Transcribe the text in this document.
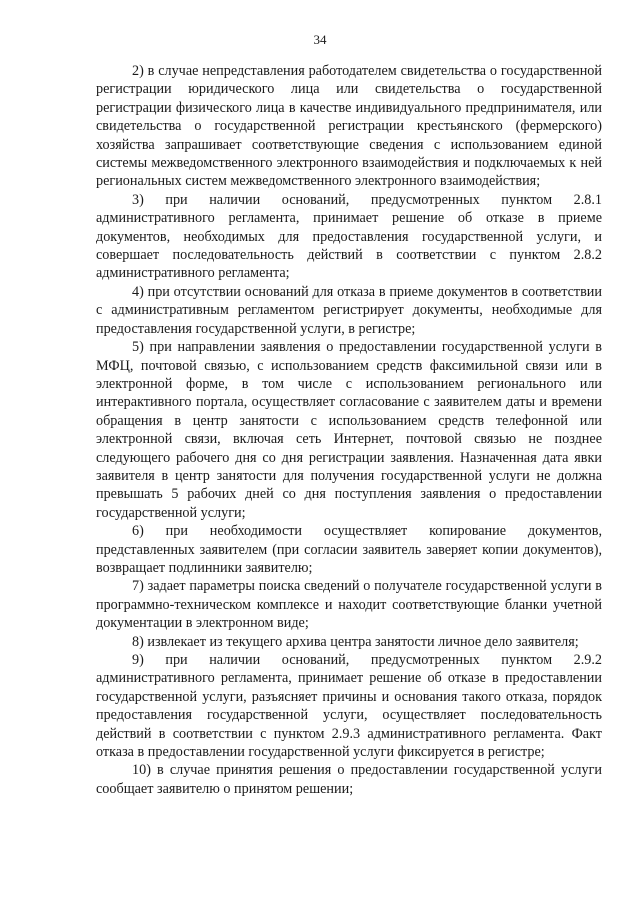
34

2) в случае непредставления работодателем свидетельства о государственной регистрации юридического лица или свидетельства о государственной регистрации физического лица в качестве индивидуального предпринимателя, или свидетельства о государственной регистрации крестьянского (фермерского) хозяйства запрашивает соответствующие сведения с использованием единой системы межведомственного электронного взаимодействия и подключаемых к ней региональных систем межведомственного электронного взаимодействия;

3) при наличии оснований, предусмотренных пунктом 2.8.1 административного регламента, принимает решение об отказе в приеме документов, необходимых для предоставления государственной услуги, и совершает последовательность действий в соответствии с пунктом 2.8.2 административного регламента;

4) при отсутствии оснований для отказа в приеме документов в соответствии с административным регламентом регистрирует документы, необходимые для предоставления государственной услуги, в регистре;

5) при направлении заявления о предоставлении государственной услуги в МФЦ, почтовой связью, с использованием средств факсимильной связи или в электронной форме, в том числе с использованием регионального или интерактивного портала, осуществляет согласование с заявителем даты и времени обращения в центр занятости с использованием средств телефонной или электронной связи, включая сеть Интернет, почтовой связью не позднее следующего рабочего дня со дня регистрации заявления. Назначенная дата явки заявителя в центр занятости для получения государственной услуги не должна превышать 5 рабочих дней со дня поступления заявления о предоставлении государственной услуги;

6) при необходимости осуществляет копирование документов, представленных заявителем (при согласии заявитель заверяет копии документов), возвращает подлинники заявителю;

7) задает параметры поиска сведений о получателе государственной услуги в программно-техническом комплексе и находит соответствующие бланки учетной документации в электронном виде;

8) извлекает из текущего архива центра занятости личное дело заявителя;

9) при наличии оснований, предусмотренных пунктом 2.9.2 административного регламента, принимает решение об отказе в предоставлении государственной услуги, разъясняет причины и основания такого отказа, порядок предоставления государственной услуги, осуществляет последовательность действий в соответствии с пунктом 2.9.3 административного регламента. Факт отказа в предоставлении государственной услуги фиксируется в регистре;

10) в случае принятия решения о предоставлении государственной услуги сообщает заявителю о принятом решении;
